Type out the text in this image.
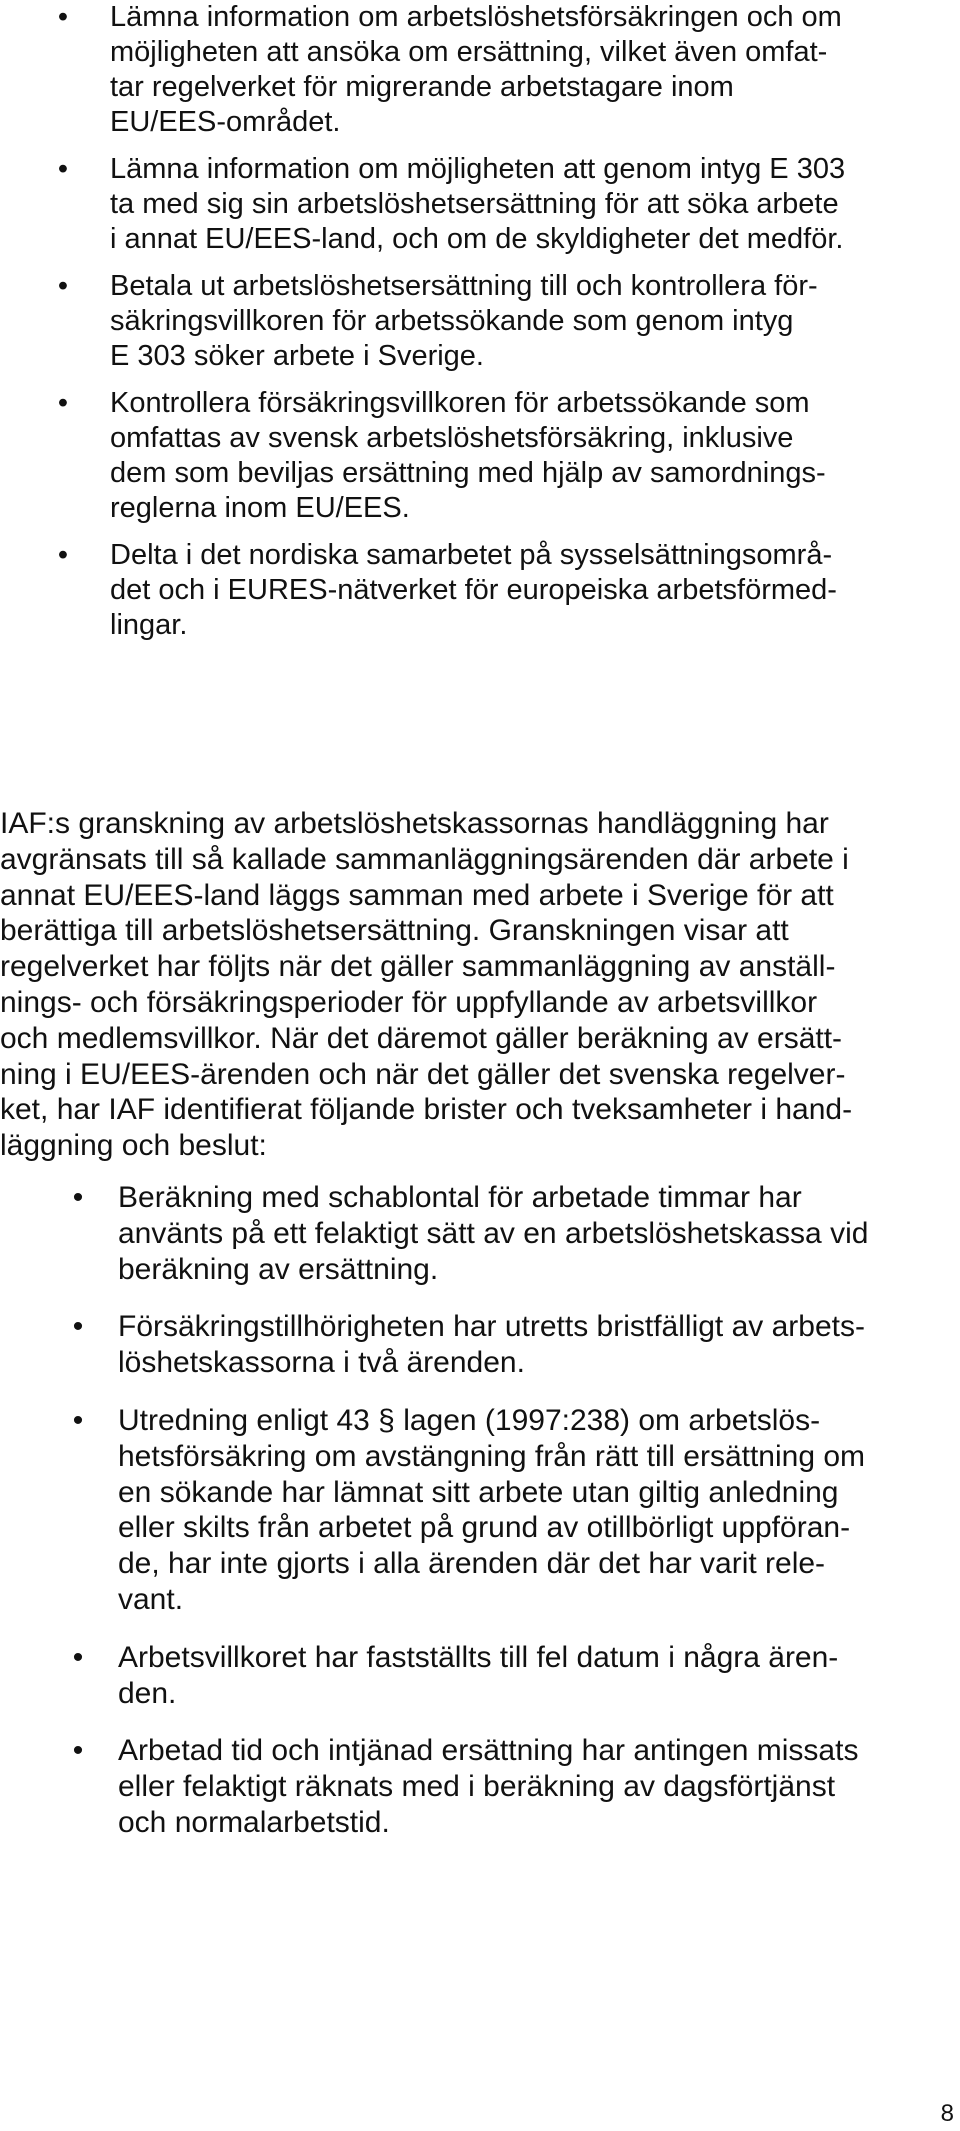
• Lämna information om arbetslöshetsförsäkringen och om
möjligheten att ansöka om ersättning, vilket även omfat-
tar regelverket för migrerande arbetstagare inom
EU/EES-området.
• Lämna information om möjligheten att genom intyg E 303
ta med sig sin arbetslöshetsersättning för att söka arbete
i annat EU/EES-land, och om de skyldigheter det medför.
• Betala ut arbetslöshetsersättning till och kontrollera för-
säkringsvillkoren för arbetssökande som genom intyg
E 303 söker arbete i Sverige.
• Kontrollera försäkringsvillkoren för arbetssökande som
omfattas av svensk arbetslöshetsförsäkring, inklusive
dem som beviljas ersättning med hjälp av samordnings-
reglerna inom EU/EES.
• Delta i det nordiska samarbetet på sysselsättningsområ-
det och i EURES-nätverket för europeiska arbetsförmed-
lingar.

IAF:s granskning av arbetslöshetskassornas handläggning har
avgränsats till så kallade sammanläggningsärenden där arbete i
annat EU/EES-land läggs samman med arbete i Sverige för att
berättiga till arbetslöshetsersättning. Granskningen visar att
regelverket har följts när det gäller sammanläggning av anställ-
nings- och försäkringsperioder för uppfyllande av arbetsvillkor
och medlemsvillkor. När det däremot gäller beräkning av ersätt-
ning i EU/EES-ärenden och när det gäller det svenska regelver-
ket, har IAF identifierat följande brister och tveksamheter i hand-
läggning och beslut:

• Beräkning med schablontal för arbetade timmar har
använts på ett felaktigt sätt av en arbetslöshetskassa vid
beräkning av ersättning.
• Försäkringstillhörigheten har utretts bristfälligt av arbets-
löshetskassorna i två ärenden.
• Utredning enligt 43 § lagen (1997:238) om arbetslös-
hetsförsäkring om avstängning från rätt till ersättning om
en sökande har lämnat sitt arbete utan giltig anledning
eller skilts från arbetet på grund av otillbörligt uppföran-
de, har inte gjorts i alla ärenden där det har varit rele-
vant.
• Arbetsvillkoret har fastställts till fel datum i några ären-
den.
• Arbetad tid och intjänad ersättning har antingen missats
eller felaktigt räknats med i beräkning av dagsförtjänst
och normalarbetstid.
8
